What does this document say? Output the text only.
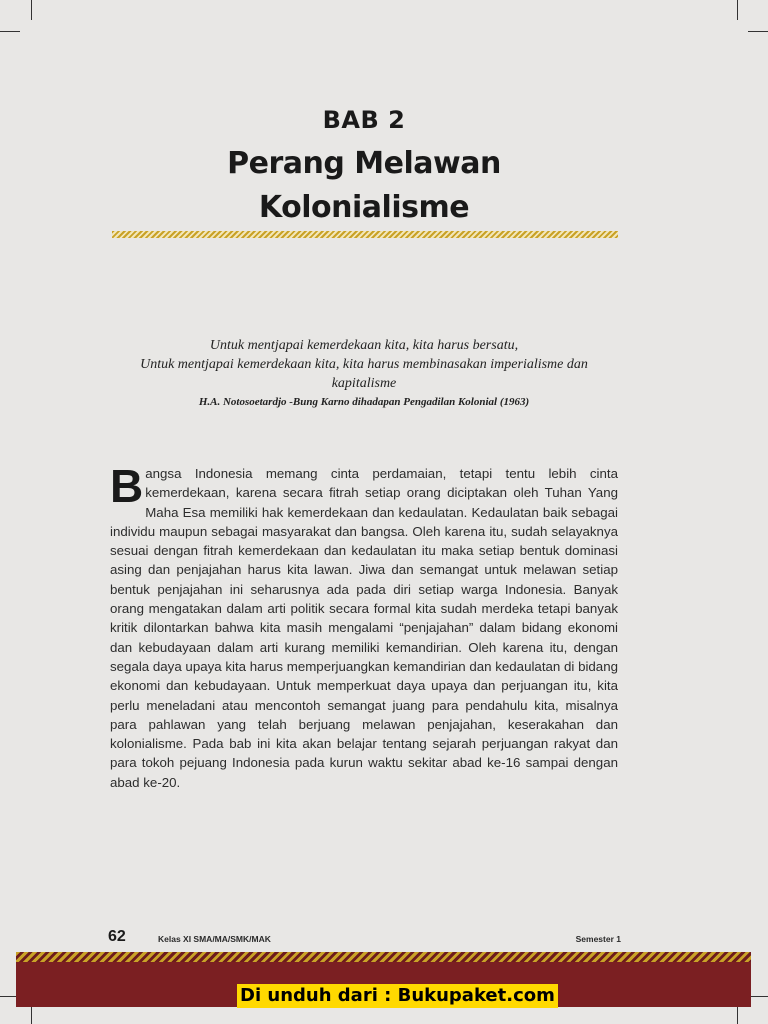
BAB 2
Perang Melawan
Kolonialisme
Untuk mentjapai kemerdekaan kita, kita harus bersatu,
Untuk mentjapai kemerdekaan kita, kita harus membinasakan imperialisme dan
kapitalisme
H.A. Notosoetardjo -Bung Karno dihadapan Pengadilan Kolonial (1963)
Bangsa Indonesia memang cinta perdamaian, tetapi tentu lebih cinta kemerdekaan, karena secara fitrah setiap orang diciptakan oleh Tuhan Yang Maha Esa memiliki hak kemerdekaan dan kedaulatan. Kedaulatan baik sebagai individu maupun sebagai masyarakat dan bangsa. Oleh karena itu, sudah selayaknya sesuai dengan fitrah kemerdekaan dan kedaulatan itu maka setiap bentuk dominasi asing dan penjajahan harus kita lawan. Jiwa dan semangat untuk melawan setiap bentuk penjajahan ini seharusnya ada pada diri setiap warga Indonesia. Banyak orang mengatakan dalam arti politik secara formal kita sudah merdeka tetapi banyak kritik dilontarkan bahwa kita masih mengalami “penjajahan” dalam bidang ekonomi dan kebudayaan dalam arti kurang memiliki kemandirian. Oleh karena itu, dengan segala daya upaya kita harus memperjuangkan kemandirian dan kedaulatan di bidang ekonomi dan kebudayaan. Untuk memperkuat daya upaya dan perjuangan itu, kita perlu meneladani atau mencontoh semangat juang para pendahulu kita, misalnya para pahlawan yang telah berjuang melawan penjajahan, keserakahan dan kolonialisme. Pada bab ini kita akan belajar tentang sejarah perjuangan rakyat dan para tokoh pejuang Indonesia pada kurun waktu sekitar abad ke-16 sampai dengan abad ke-20.
62	Kelas XI SMA/MA/SMK/MAK	Semester 1
Di unduh dari : Bukupaket.com
